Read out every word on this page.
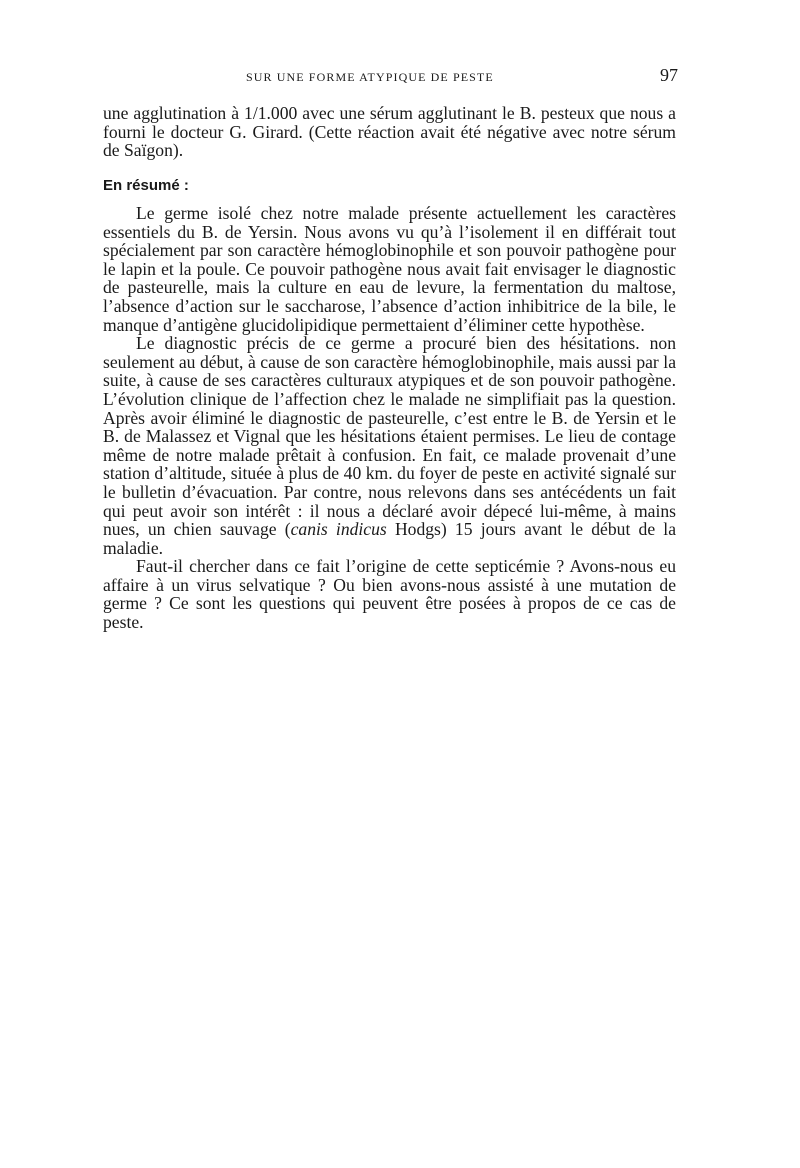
SUR UNE FORME ATYPIQUE DE PESTE	97

une agglutination à 1/1.000 avec une sérum agglutinant le B. pesteux que nous a fourni le docteur G. Girard. (Cette réaction avait été négative avec notre sérum de Saïgon).

En résumé :

Le germe isolé chez notre malade présente actuellement les caractères essentiels du B. de Yersin. Nous avons vu qu’à l’isolement il en différait tout spécialement par son caractère hémoglobinophile et son pouvoir pathogène pour le lapin et la poule. Ce pouvoir pathogène nous avait fait envisager le diagnostic de pasteurelle, mais la culture en eau de levure, la fermentation du maltose, l’absence d’action sur le saccharose, l’absence d’action inhibitrice de la bile, le manque d’antigène glucidolipidique permettaient d’éliminer cette hypothèse.

Le diagnostic précis de ce germe a procuré bien des hésitations. non seulement au début, à cause de son caractère hémoglobinophile, mais aussi par la suite, à cause de ses caractères culturaux atypiques et de son pouvoir pathogène. L’évolution clinique de l’affection chez le malade ne simplifiait pas la question. Après avoir éliminé le diagnostic de pasteurelle, c’est entre le B. de Yersin et le B. de Malassez et Vignal que les hésitations étaient permises. Le lieu de contage même de notre malade prêtait à confusion. En fait, ce malade provenait d’une station d’altitude, située à plus de 40 km. du foyer de peste en activité signalé sur le bulletin d’évacuation. Par contre, nous relevons dans ses antécédents un fait qui peut avoir son intérêt : il nous a déclaré avoir dépecé lui-même, à mains nues, un chien sauvage (canis indicus Hodgs) 15 jours avant le début de la maladie.

Faut-il chercher dans ce fait l’origine de cette septicémie ? Avons-nous eu affaire à un virus selvatique ? Ou bien avons-nous assisté à une mutation de germe ? Ce sont les questions qui peuvent être posées à propos de ce cas de peste.
